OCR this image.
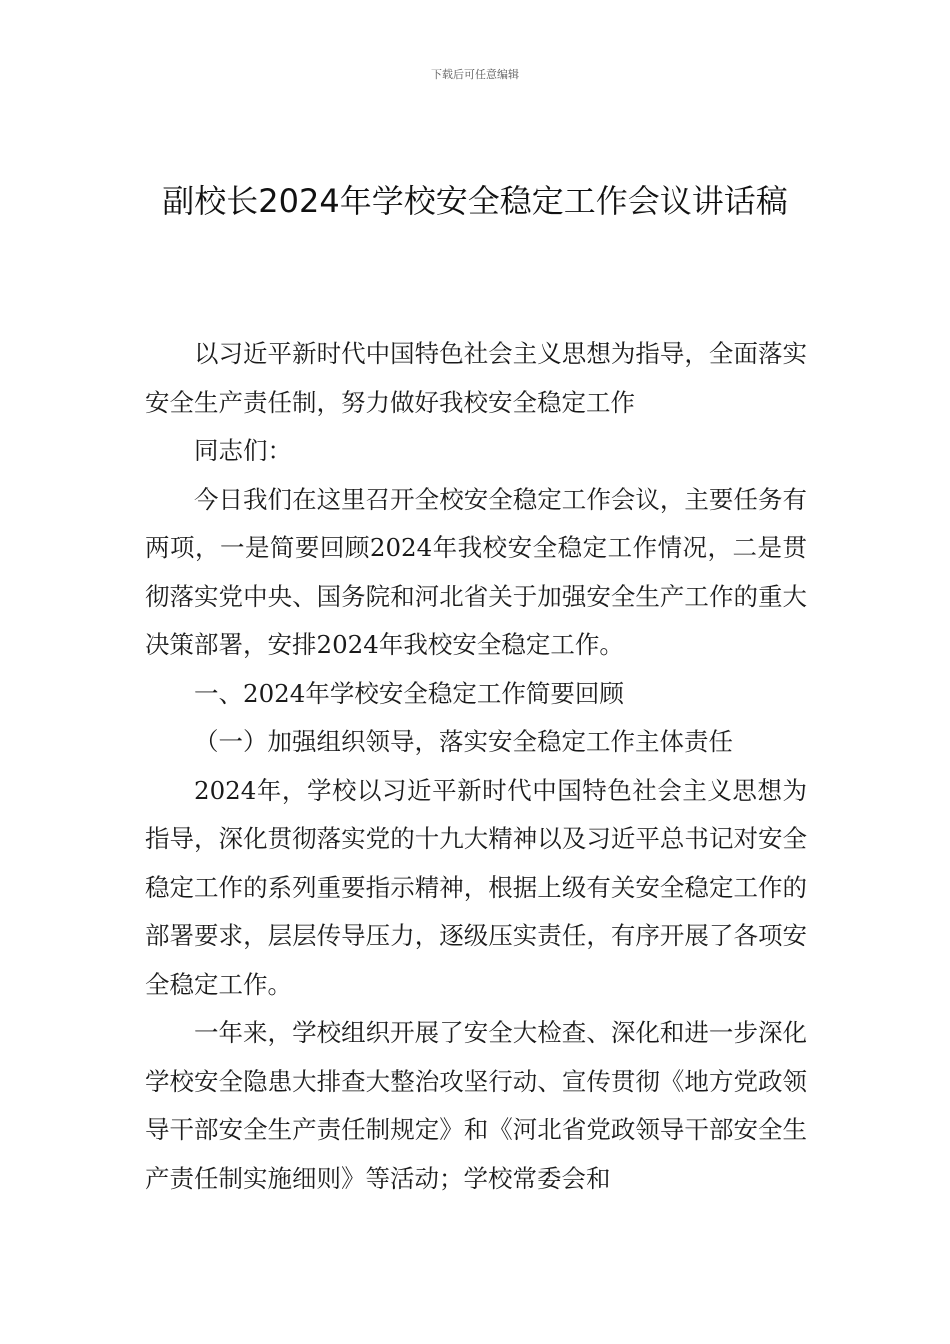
下载后可任意编辑
副校长2024年学校安全稳定工作会议讲话稿

以习近平新时代中国特色社会主义思想为指导，全面落实安全生产责任制，努力做好我校安全稳定工作

同志们：

今日我们在这里召开全校安全稳定工作会议，主要任务有两项，一是简要回顾2024年我校安全稳定工作情况，二是贯彻落实党中央、国务院和河北省关于加强安全生产工作的重大决策部署，安排2024年我校安全稳定工作。

一、2024年学校安全稳定工作简要回顾

（一）加强组织领导，落实安全稳定工作主体责任

2024年，学校以习近平新时代中国特色社会主义思想为指导，深化贯彻落实党的十九大精神以及习近平总书记对安全稳定工作的系列重要指示精神，根据上级有关安全稳定工作的部署要求，层层传导压力，逐级压实责任，有序开展了各项安全稳定工作。

一年来，学校组织开展了安全大检查、深化和进一步深化学校安全隐患大排查大整治攻坚行动、宣传贯彻《地方党政领导干部安全生产责任制规定》和《河北省党政领导干部安全生产责任制实施细则》等活动；学校常委会和
